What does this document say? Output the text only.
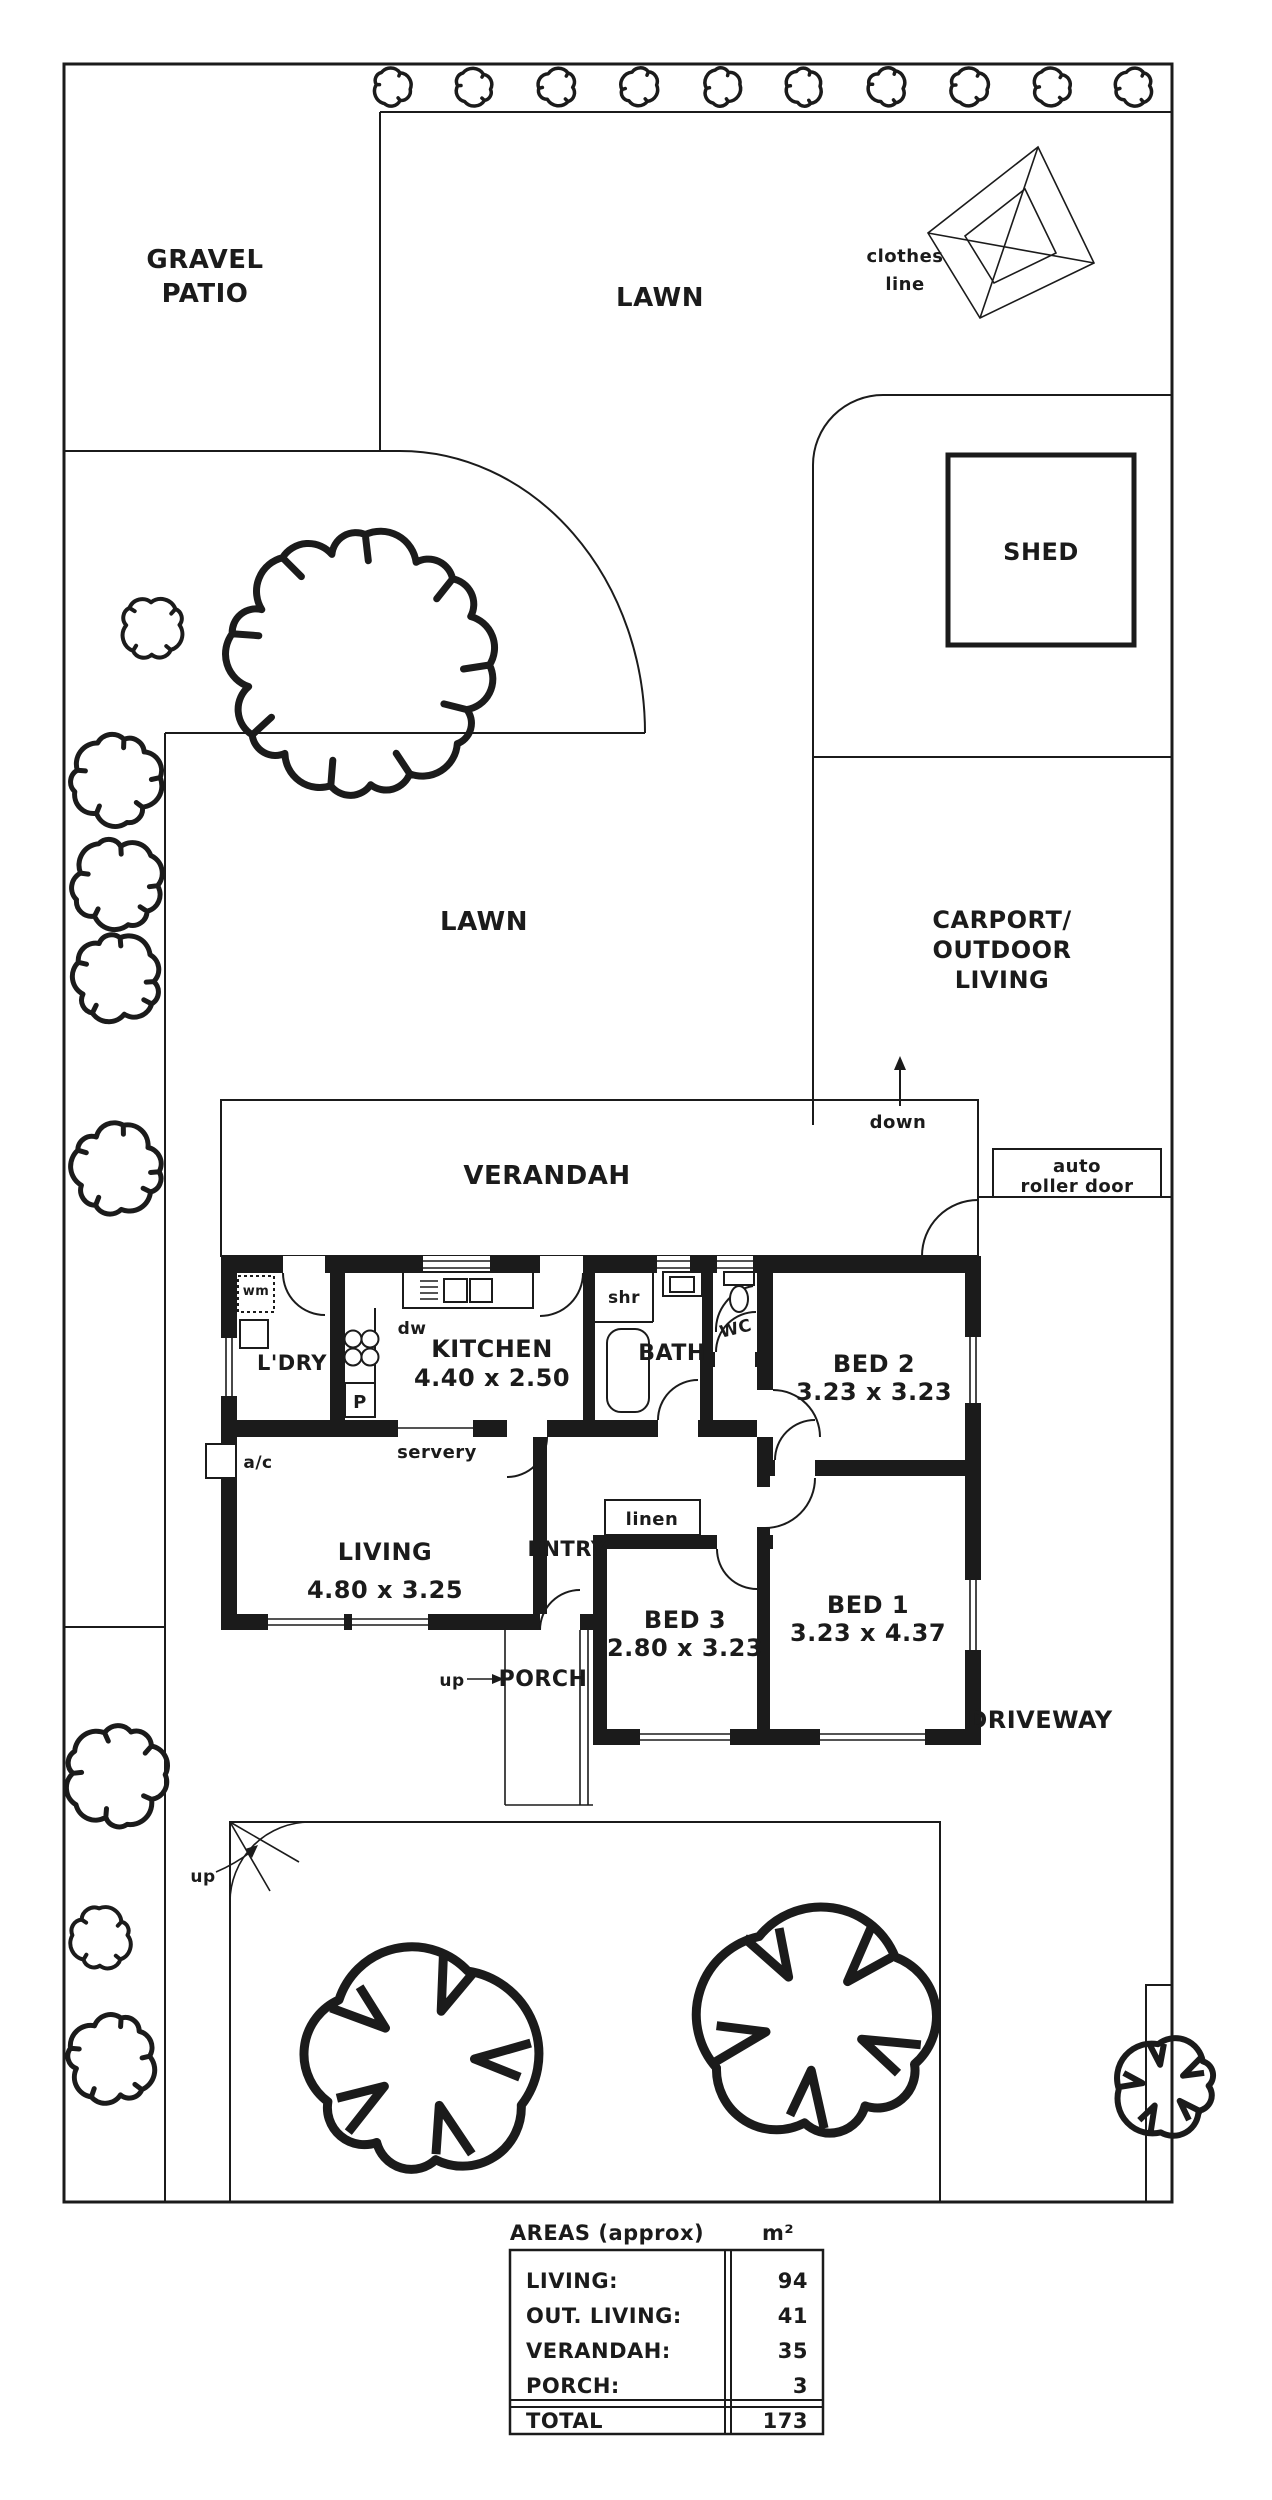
GRAVEL
PATIO	LAWN
LAWN
clothes
line
SHED
CARPORT/
OUTDOOR
LIVING
auto
roller door
DRIVEWAY
down
up
up
VERANDAH
L'DRY	KITCHEN
4.40 x 2.50
shr
BATH
WC
BED 2
3.23 x 3.23
LIVING
4.80 x 3.25
ENTRY
linen
BED 3
2.80 x 3.23
BED 1
3.23 x 4.37
PORCH
servery
dw
P
wm
a/c
AREAS (approx)	m²
LIVING:	94
OUT. LIVING:	41
VERANDAH:	35
PORCH:	3
TOTAL	173
